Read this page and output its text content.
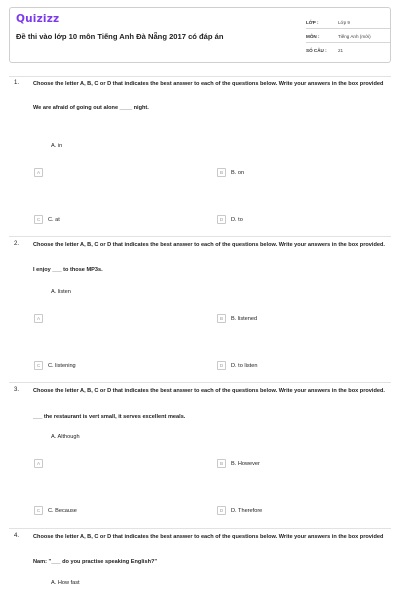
Quizizz
Đề thi vào lớp 10 môn Tiếng Anh Đà Nẵng 2017 có đáp án
LỚP :	Lớp 9
MÔN :	Tiếng Anh (mới)
SỐ CÂU :	21
1. Choose the letter A, B, C or D that indicates the best answer to each of the questions below. Write your answers in the box provided
We are afraid of going out alone ____ night.
A. in
A	B	B. on
C	C. at	D	D. to
2. Choose the letter A, B, C or D that indicates the best answer to each of the questions below. Write your answers in the box provided.
I enjoy ___ to those MP3s.
A. listen
A	B	B. listened
C	C. listening	D	D. to listen
3. Choose the letter A, B, C or D that indicates the best answer to each of the questions below. Write your answers in the box provided.
___ the restaurant is vert small, it serves excellent meals.
A. Although
A	B	B. However
C	C. Because	D	D. Therefore
4. Choose the letter A, B, C or D that indicates the best answer to each of the questions below. Write your answers in the box provided
Nam: "___ do you practise speaking English?"
A. How fast
